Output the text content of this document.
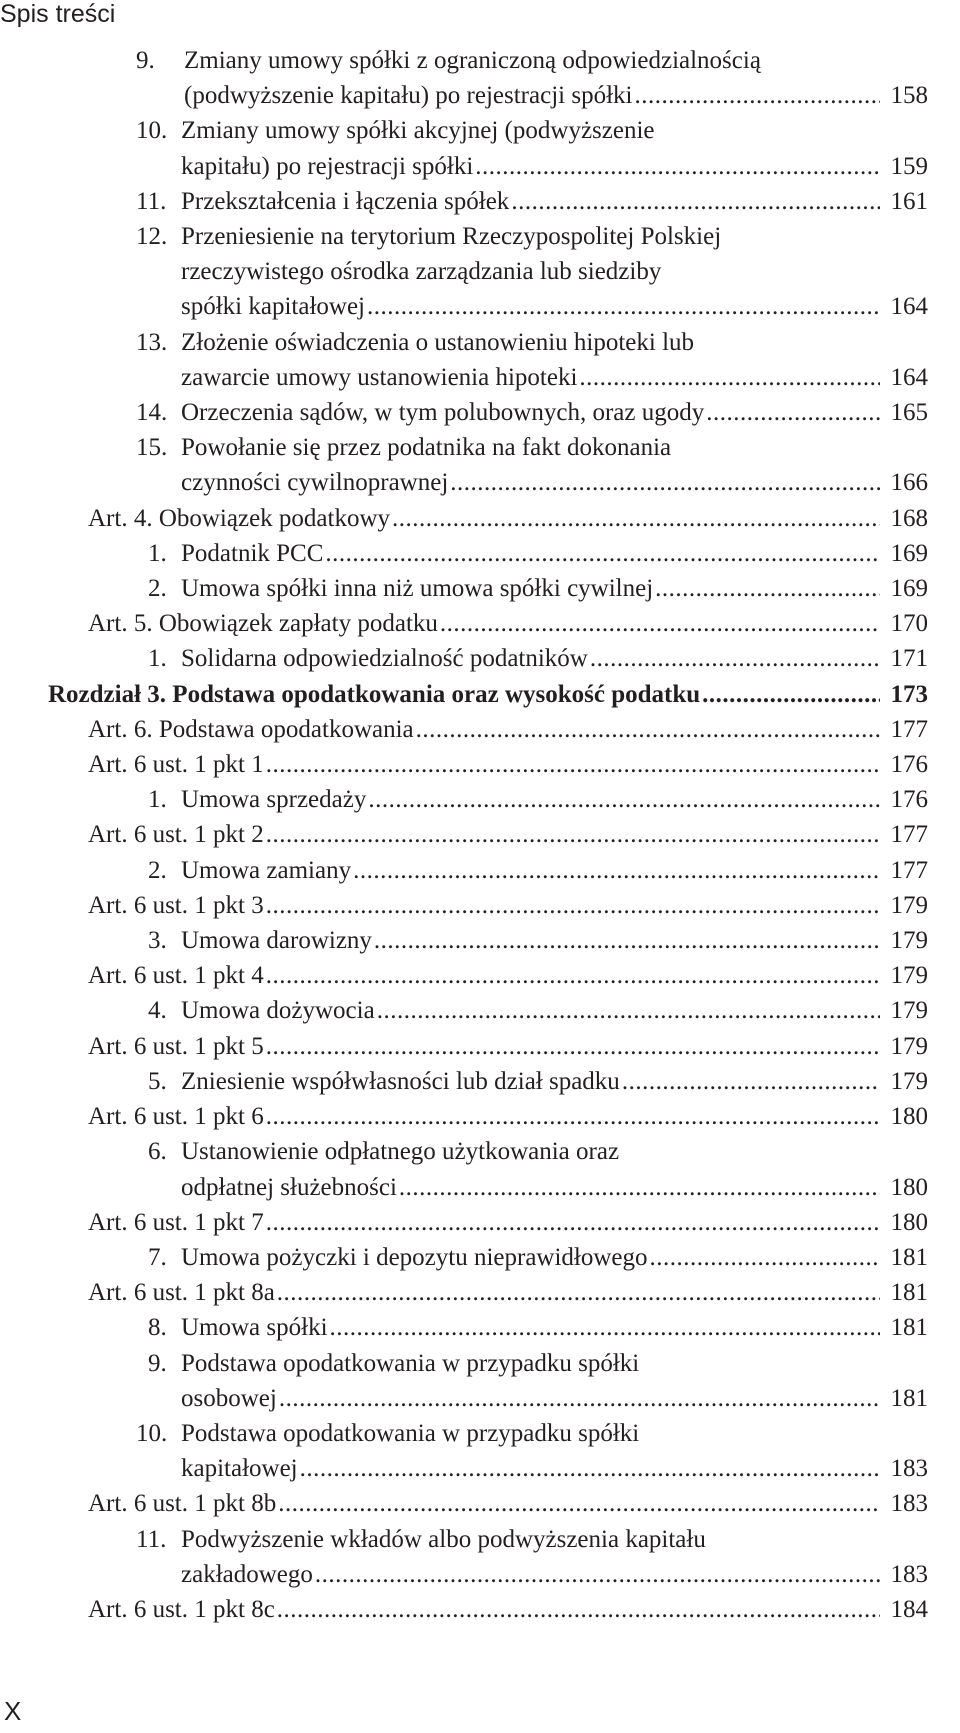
Spis treści
9. Zmiany umowy spółki z ograniczoną odpowiedzialnością
(podwyższenie kapitału) po rejestracji spółki .....	158
10. Zmiany umowy spółki akcyjnej (podwyższenie
kapitału) po rejestracji spółki .....	159
11. Przekształcenia i łączenia spółek .....	161
12. Przeniesienie na terytorium Rzeczypospolitej Polskiej
rzeczywistego ośrodka zarządzania lub siedziby
spółki kapitałowej .....	164
13. Złożenie oświadczenia o ustanowieniu hipoteki lub
zawarcie umowy ustanowienia hipoteki .....	164
14. Orzeczenia sądów, w tym polubownych, oraz ugody .....	165
15. Powołanie się przez podatnika na fakt dokonania
czynności cywilnoprawnej .....	166
Art. 4. Obowiązek podatkowy .....	168
1. Podatnik PCC .....	169
2. Umowa spółki inna niż umowa spółki cywilnej .....	169
Art. 5. Obowiązek zapłaty podatku .....	170
1. Solidarna odpowiedzialność podatników .....	171
Rozdział 3. Podstawa opodatkowania oraz wysokość podatku .....	173
Art. 6. Podstawa opodatkowania .....	177
Art. 6 ust. 1 pkt 1 .....	176
1. Umowa sprzedaży .....	176
Art. 6 ust. 1 pkt 2 .....	177
2. Umowa zamiany .....	177
Art. 6 ust. 1 pkt 3 .....	179
3. Umowa darowizny .....	179
Art. 6 ust. 1 pkt 4 .....	179
4. Umowa dożywocia .....	179
Art. 6 ust. 1 pkt 5 .....	179
5. Zniesienie współwłasności lub dział spadku .....	179
Art. 6 ust. 1 pkt 6 .....	180
6. Ustanowienie odpłatnego użytkowania oraz
odpłatnej służebności .....	180
Art. 6 ust. 1 pkt 7 .....	180
7. Umowa pożyczki i depozytu nieprawidłowego .....	181
Art. 6 ust. 1 pkt 8a .....	181
8. Umowa spółki .....	181
9. Podstawa opodatkowania w przypadku spółki
osobowej .....	181
10. Podstawa opodatkowania w przypadku spółki
kapitałowej .....	183
Art. 6 ust. 1 pkt 8b .....	183
11. Podwyższenie wkładów albo podwyższenia kapitału
zakładowego .....	183
Art. 6 ust. 1 pkt 8c .....	184
X
